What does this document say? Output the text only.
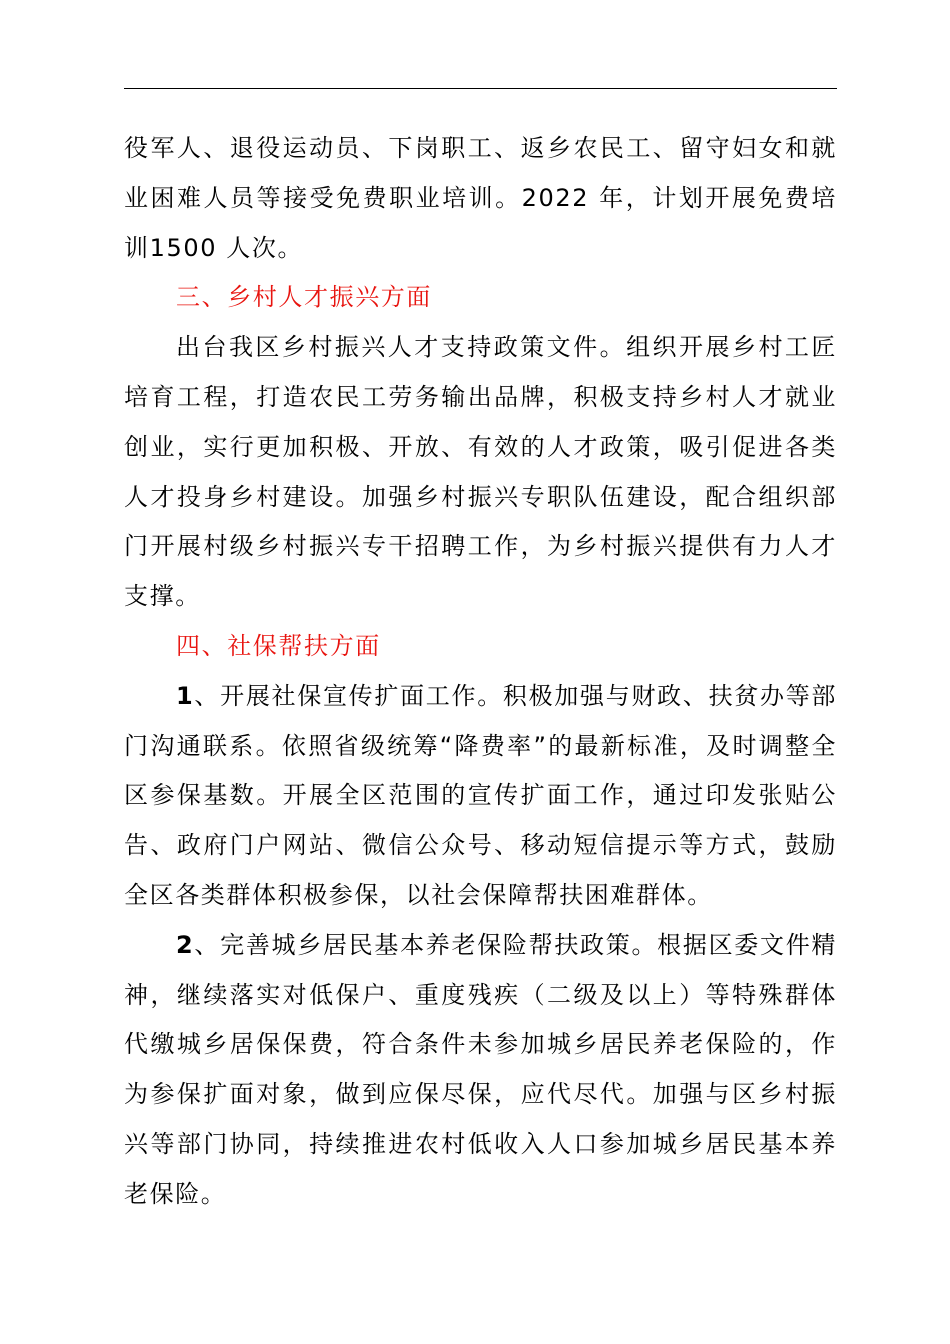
役军人、退役运动员、下岗职工、返乡农民工、留守妇女和就业困难人员等接受免费职业培训。2022 年，计划开展免费培训1500 人次。

三、乡村人才振兴方面

出台我区乡村振兴人才支持政策文件。组织开展乡村工匠培育工程，打造农民工劳务输出品牌，积极支持乡村人才就业创业，实行更加积极、开放、有效的人才政策，吸引促进各类人才投身乡村建设。加强乡村振兴专职队伍建设，配合组织部门开展村级乡村振兴专干招聘工作，为乡村振兴提供有力人才支撑。

四、社保帮扶方面

1、开展社保宣传扩面工作。积极加强与财政、扶贫办等部门沟通联系。依照省级统筹“降费率”的最新标准，及时调整全区参保基数。开展全区范围的宣传扩面工作，通过印发张贴公告、政府门户网站、微信公众号、移动短信提示等方式，鼓励全区各类群体积极参保，以社会保障帮扶困难群体。

2、完善城乡居民基本养老保险帮扶政策。根据区委文件精神，继续落实对低保户、重度残疾（二级及以上）等特殊群体代缴城乡居保保费，符合条件未参加城乡居民养老保险的，作为参保扩面对象，做到应保尽保，应代尽代。加强与区乡村振兴等部门协同，持续推进农村低收入人口参加城乡居民基本养老保险。
